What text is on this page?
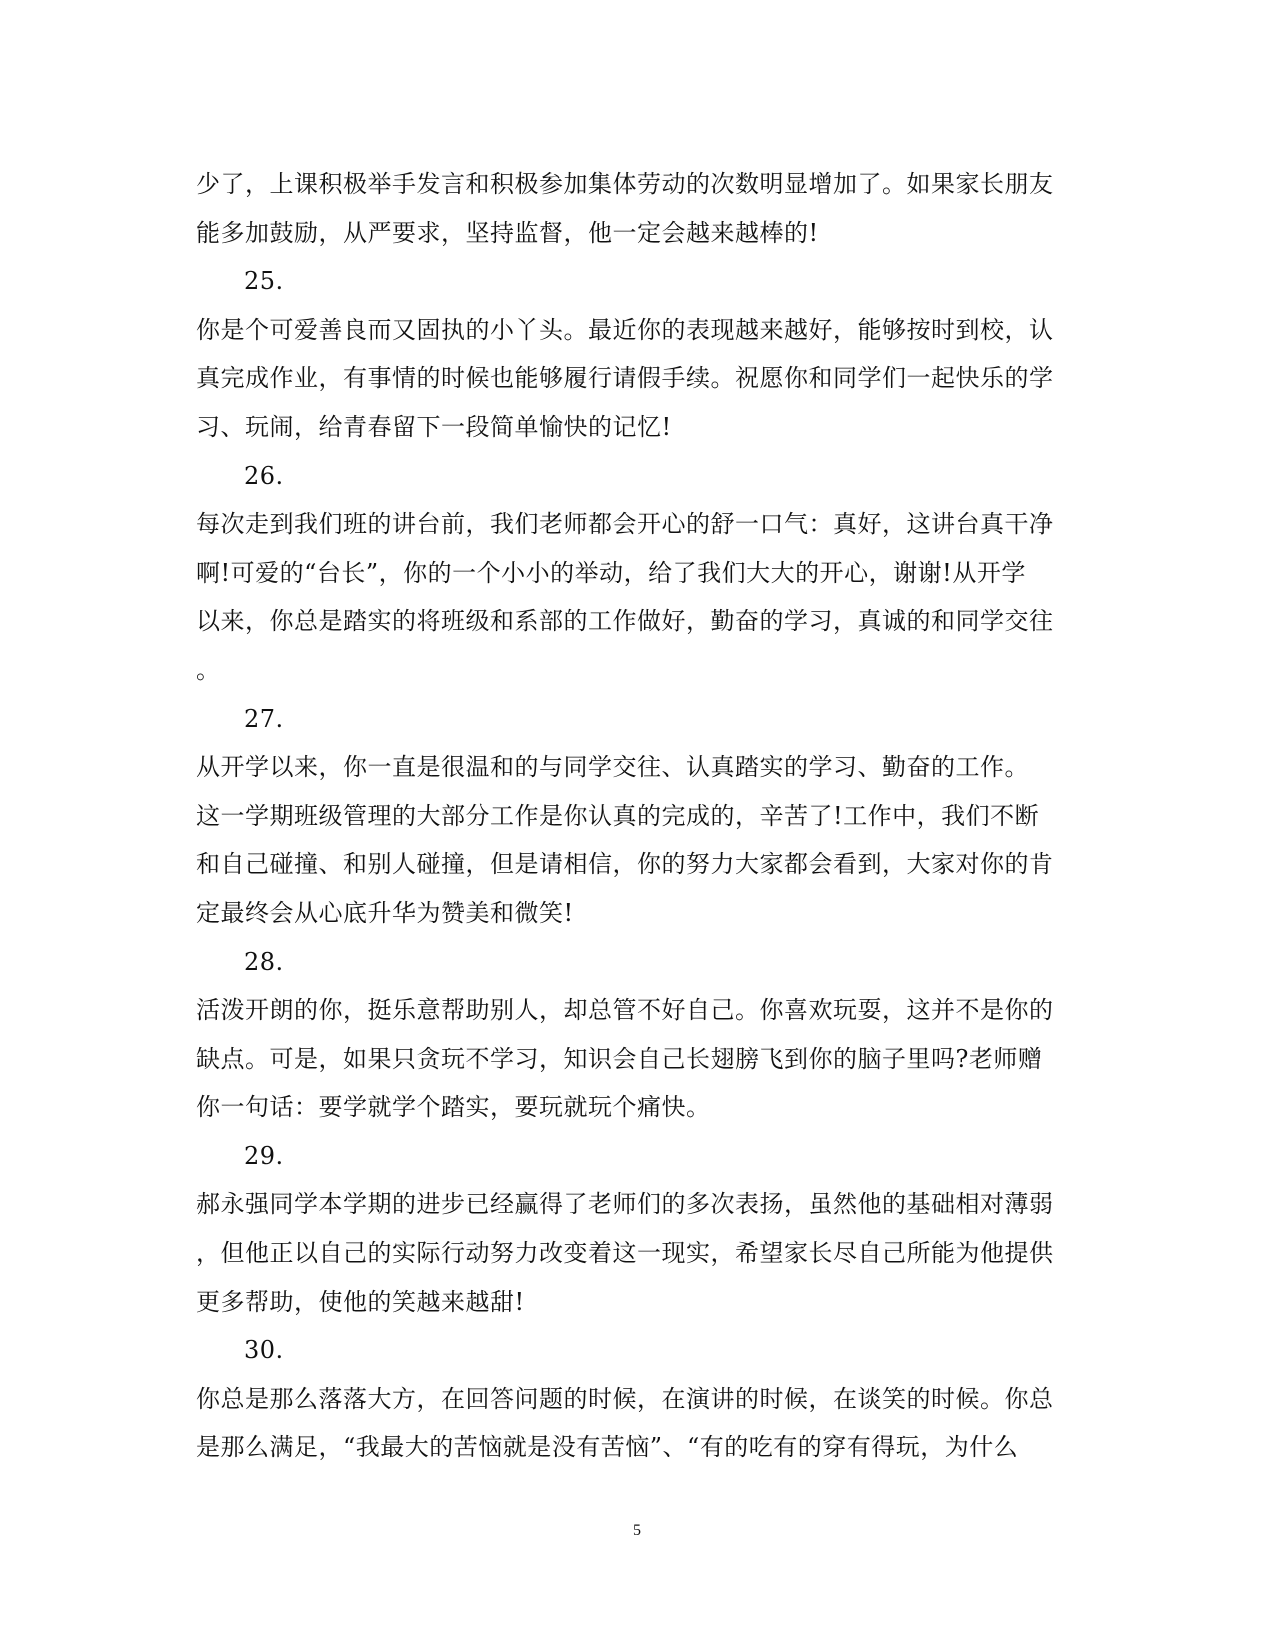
少了，上课积极举手发言和积极参加集体劳动的次数明显增加了。如果家长朋友
能多加鼓励，从严要求，坚持监督，他一定会越来越棒的!
25.
你是个可爱善良而又固执的小丫头。最近你的表现越来越好，能够按时到校，认
真完成作业，有事情的时候也能够履行请假手续。祝愿你和同学们一起快乐的学
习、玩闹，给青春留下一段简单愉快的记忆!
26.
每次走到我们班的讲台前，我们老师都会开心的舒一口气：真好，这讲台真干净
啊!可爱的“台长”，你的一个小小的举动，给了我们大大的开心，谢谢!从开学
以来，你总是踏实的将班级和系部的工作做好，勤奋的学习，真诚的和同学交往
。
27.
从开学以来，你一直是很温和的与同学交往、认真踏实的学习、勤奋的工作。
这一学期班级管理的大部分工作是你认真的完成的，辛苦了!工作中，我们不断
和自己碰撞、和别人碰撞，但是请相信，你的努力大家都会看到，大家对你的肯
定最终会从心底升华为赞美和微笑!
28.
活泼开朗的你，挺乐意帮助别人，却总管不好自己。你喜欢玩耍，这并不是你的
缺点。可是，如果只贪玩不学习，知识会自己长翅膀飞到你的脑子里吗?老师赠
你一句话：要学就学个踏实，要玩就玩个痛快。
29.
郝永强同学本学期的进步已经赢得了老师们的多次表扬，虽然他的基础相对薄弱
，但他正以自己的实际行动努力改变着这一现实，希望家长尽自己所能为他提供
更多帮助，使他的笑越来越甜!
30.
你总是那么落落大方，在回答问题的时候，在演讲的时候，在谈笑的时候。你总
是那么满足，“我最大的苦恼就是没有苦恼”、“有的吃有的穿有得玩，为什么
5
